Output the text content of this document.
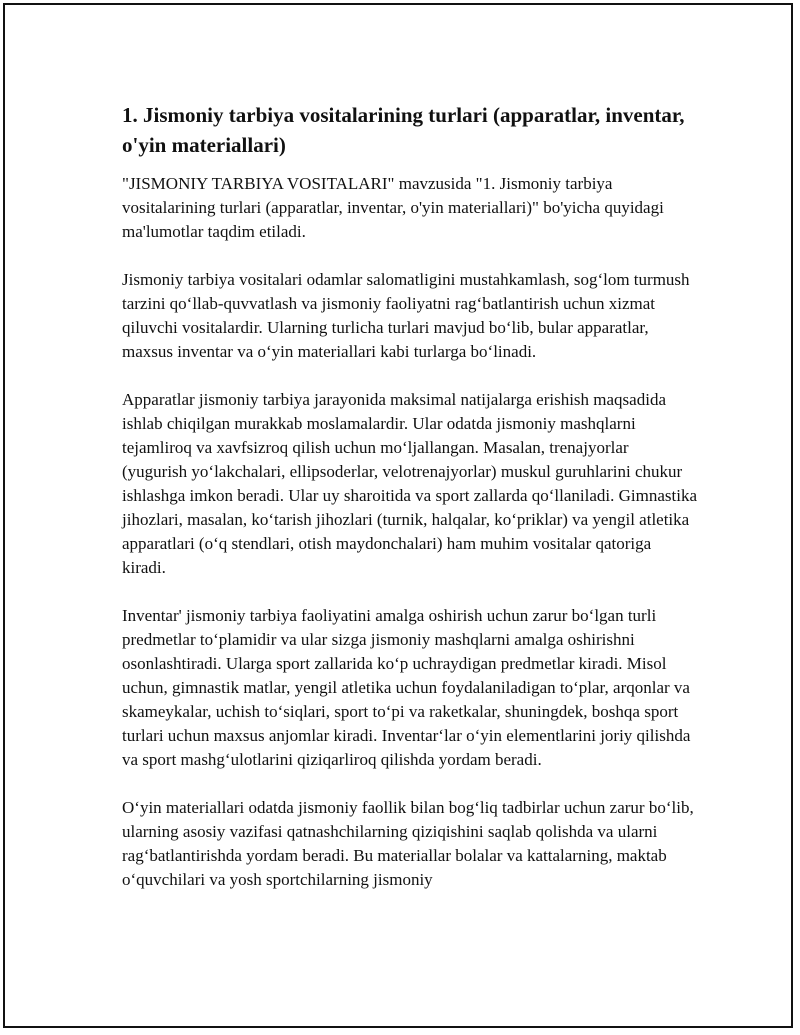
1. Jismoniy tarbiya vositalarining turlari (apparatlar, inventar, o'yin materiallari)

"JISMONIY TARBIYA VOSITALARI" mavzusida "1. Jismoniy tarbiya vositalarining turlari (apparatlar, inventar, o'yin materiallari)" bo'yicha quyidagi ma'lumotlar taqdim etiladi.

Jismoniy tarbiya vositalari odamlar salomatligini mustahkamlash, sog‘lom turmush tarzini qo‘llab-quvvatlash va jismoniy faoliyatni rag‘batlantirish uchun xizmat qiluvchi vositalardir. Ularning turlicha turlari mavjud bo‘lib, bular apparatlar, maxsus inventar va o‘yin materiallari kabi turlarga bo‘linadi.

Apparatlar jismoniy tarbiya jarayonida maksimal natijalarga erishish maqsadida ishlab chiqilgan murakkab moslamalardir. Ular odatda jismoniy mashqlarni tejamliroq va xavfsizroq qilish uchun mo‘ljallangan. Masalan, trenajyorlar (yugurish yo‘lakchalari, ellipsoderlar, velotrenajyorlar) muskul guruhlarini chukur ishlashga imkon beradi. Ular uy sharoitida va sport zallarda qo‘llaniladi. Gimnastika jihozlari, masalan, ko‘tarish jihozlari (turnik, halqalar, ko‘priklar) va yengil atletika apparatlari (o‘q stendlari, otish maydonchalari) ham muhim vositalar qatoriga kiradi.

Inventar' jismoniy tarbiya faoliyatini amalga oshirish uchun zarur bo‘lgan turli predmetlar to‘plamidir va ular sizga jismoniy mashqlarni amalga oshirishni osonlashtiradi. Ularga sport zallarida ko‘p uchraydigan predmetlar kiradi. Misol uchun, gimnastik matlar, yengil atletika uchun foydalaniladigan to‘plar, arqonlar va skameykalar, uchish to‘siqlari, sport to‘pi va raketkalar, shuningdek, boshqa sport turlari uchun maxsus anjomlar kiradi. Inventar‘lar o‘yin elementlarini joriy qilishda va sport mashg‘ulotlarini qiziqarliroq qilishda yordam beradi.

O‘yin materiallari odatda jismoniy faollik bilan bog‘liq tadbirlar uchun zarur bo‘lib, ularning asosiy vazifasi qatnashchilarning qiziqishini saqlab qolishda va ularni rag‘batlantirishda yordam beradi. Bu materiallar bolalar va kattalarning, maktab o‘quvchilari va yosh sportchilarning jismoniy
